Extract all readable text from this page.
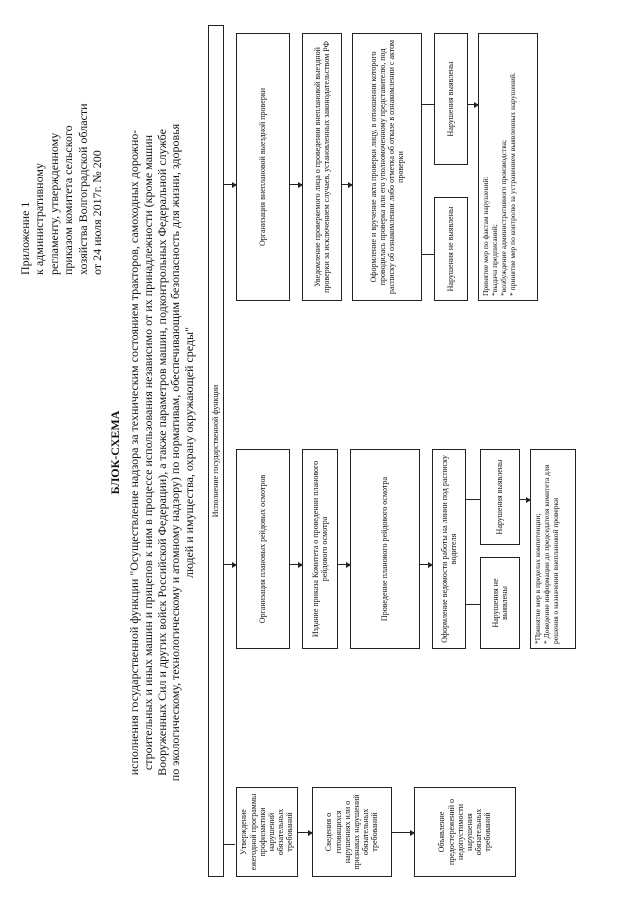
Приложение 1 к административному регламенту, утвержденному приказом комитета сельского хозяйства Волгоградской области от 24 июля 2017г. № 200
БЛОК-СХЕМА исполнения государственной функции "Осуществление надзора за техническим состоянием тракторов, самоходных дорожно- строительных и иных машин и прицепов к ним в процессе использования независимо от их принадлежности (кроме машин Вооруженных Сил и других войск Российской Федерации), а также параметров машин, подконтрольных Федеральной службе по экологическому, технологическому и атомному надзору) по нормативам, обеспечивающим безопасность для жизни, здоровья людей и имущества, охрану окружающей среды"	Исполнение государственной функции
Утверждение ежегодной программы профилактики нарушений обязательных требований	Сведения о готовящихся нарушениях или о признаках нарушений обязательных требований	Объявление предостережений о недопустимости нарушения обязательных требований
Организация плановых рейдовых осмотров	Издание приказа Комитета о проведении планового рейдового осмотра	Проведение планового рейдового осмотра	Оформление ведомости работы на линии под расписку водителя
Нарушения не выявлены
Нарушения выявлены
*Принятие мер в пределах компетенции; * Доведение информации до председателя комитета для решения о назначении внеплановой проверки
Организация внеплановой выездной проверки	Уведомление проверяемого лица о проведении внеплановой выездной проверки за исключением случаев, установленных законодательством РФ	Оформление и вручение акта проверки лицу, в отношении которого проводилась проверка или его уполномоченному представителю, под расписку об ознакомлении либо отметка об отказе в ознакомлении с актом проверки
Нарушения не выявлены
Нарушения выявлены
Принятие мер по фактам нарушений: *выдача предписаний; *возбуждение административного производства; * принятие мер по контролю за устранением выявленных нарушений.
